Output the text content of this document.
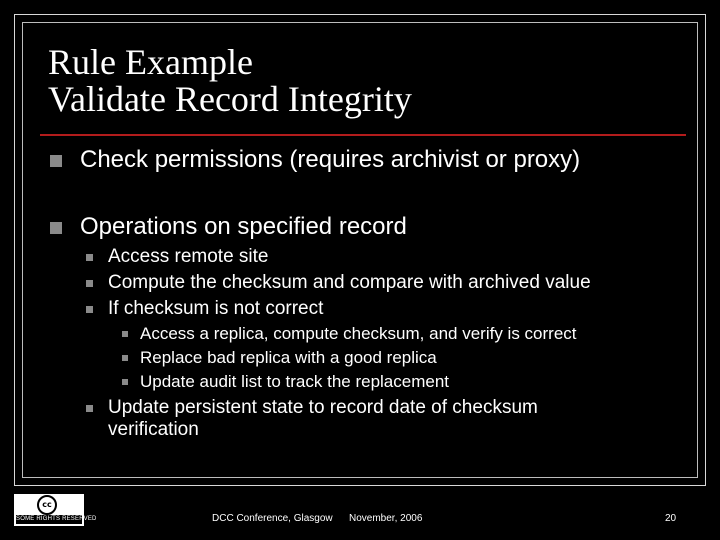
Rule Example
Validate Record Integrity
Check permissions (requires archivist or proxy)
Operations on specified record
Access remote site
Compute the checksum and compare with archived value
If checksum is not correct
Access a replica, compute checksum, and verify is correct
Replace bad replica with a good replica
Update audit list to track the replacement
Update persistent state to record date of checksum
verification
cc
SOME RIGHTS RESERVED	DCC Conference, Glasgow November, 2006	20
